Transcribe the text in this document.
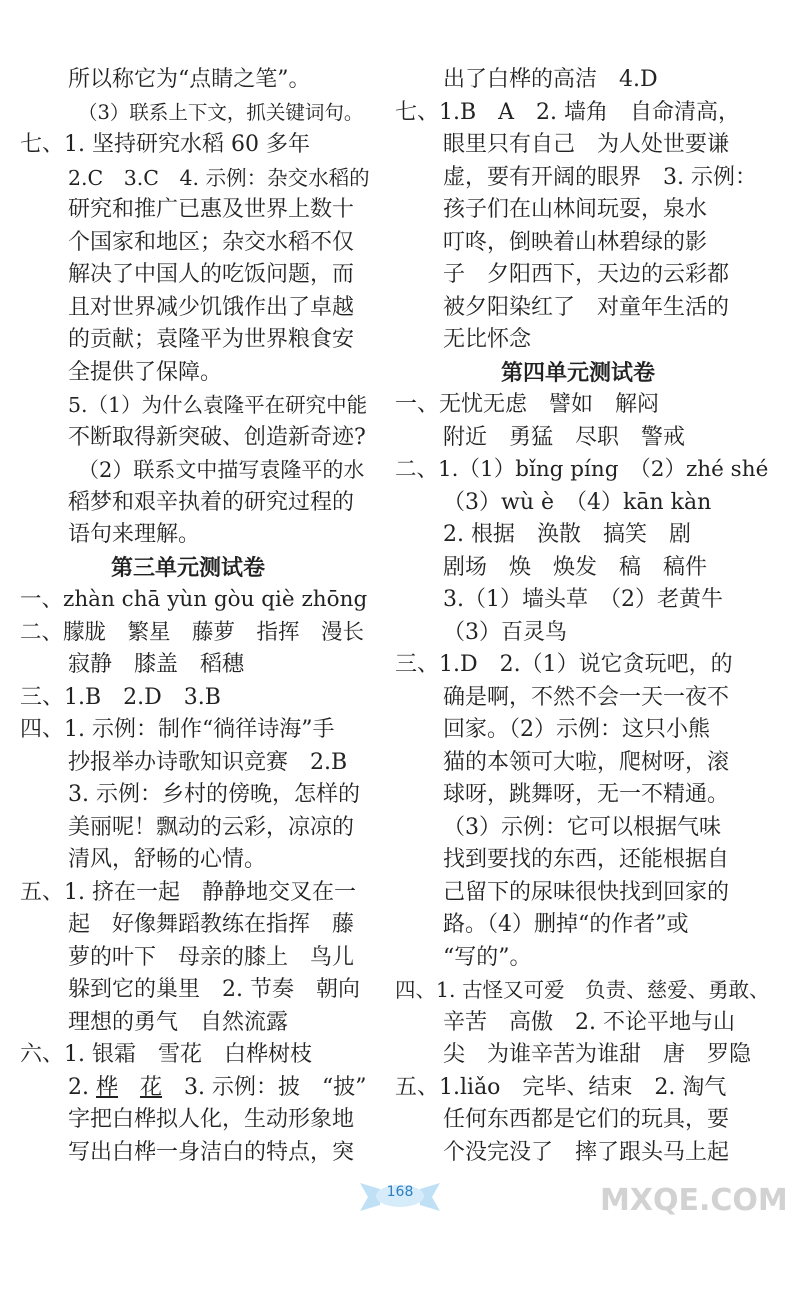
所以称它为“点睛之笔”。
（3）联系上下文，抓关键词句。
七、1. 坚持研究水稻 60 多年
2.C　3.C　4. 示例：杂交水稻的
研究和推广已惠及世界上数十
个国家和地区；杂交水稻不仅
解决了中国人的吃饭问题，而
且对世界减少饥饿作出了卓越
的贡献；袁隆平为世界粮食安
全提供了保障。
5.（1）为什么袁隆平在研究中能
不断取得新突破、创造新奇迹?
（2）联系文中描写袁隆平的水
稻梦和艰辛执着的研究过程的
语句来理解。
第三单元测试卷
一、zhàn chā yùn gòu qiè zhōng
二、朦胧　繁星　藤萝　指挥　漫长
寂静　膝盖　稻穗
三、1.B　2.D　3.B
四、1. 示例：制作“徜徉诗海”手
抄报举办诗歌知识竞赛　2.B
3. 示例：乡村的傍晚，怎样的
美丽呢！飘动的云彩，凉凉的
清风，舒畅的心情。
五、1. 挤在一起　静静地交叉在一
起　好像舞蹈教练在指挥　藤
萝的叶下　母亲的膝上　鸟儿
躲到它的巢里　2. 节奏　朝向
理想的勇气　自然流露
六、1. 银霜　雪花　白桦树枝
2. 桦　 花　3. 示例：披　“披”
字把白桦拟人化，生动形象地
写出白桦一身洁白的特点，突
出了白桦的高洁　4.D
七、1.B　A　2. 墙角　自命清高，
眼里只有自己　为人处世要谦
虚，要有开阔的眼界　3. 示例：
孩子们在山林间玩耍，泉水
叮咚，倒映着山林碧绿的影
子　夕阳西下，天边的云彩都
被夕阳染红了　对童年生活的
无比怀念
第四单元测试卷
一、无忧无虑　譬如　解闷
附近　勇猛　尽职　警戒
二、1.（1）bǐng píng　（2）zhé shé
（3）wù è　（4）kān kàn
2. 根据　涣散　搞笑　剧
剧场　焕　焕发　稿　稿件
3.（1）墙头草　（2）老黄牛
（3）百灵鸟
三、1.D　2.（1）说它贪玩吧，的
确是啊，不然不会一天一夜不
回家。（2）示例：这只小熊
猫的本领可大啦，爬树呀，滚
球呀，跳舞呀，无一不精通。
（3）示例：它可以根据气味
找到要找的东西，还能根据自
己留下的尿味很快找到回家的
路。（4）删掉“的作者”或
“写的”。
四、1. 古怪又可爱　负责、慈爱、勇敢、
辛苦　高傲　2. 不论平地与山
尖　为谁辛苦为谁甜　唐　罗隐
五、1.liǎo　完毕、结束　2. 淘气
任何东西都是它们的玩具，要
个没完没了　摔了跟头马上起
168	MXQE.COM
